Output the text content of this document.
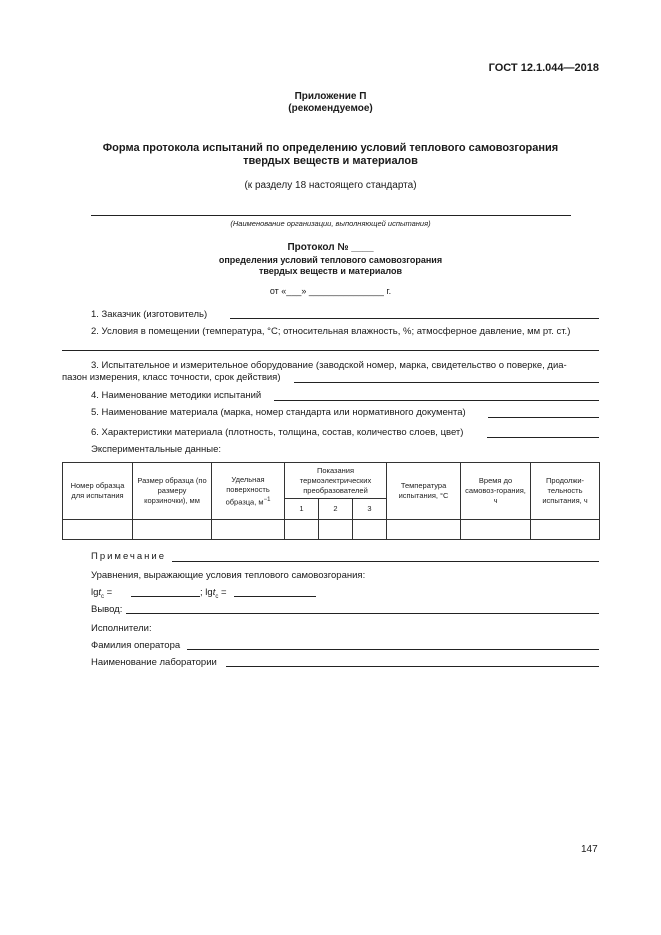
ГОСТ 12.1.044—2018
Приложение П
(рекомендуемое)
Форма протокола испытаний по определению условий теплового самовозгорания
твердых веществ и материалов
(к разделу 18 настоящего стандарта)
(Наименование организации, выполняющей испытания)
Протокол № ____
определения условий теплового самовозгорания
твердых веществ и материалов
от «___» _______________ г.
1. Заказчик (изготовитель)
2. Условия в помещении (температура, °С; относительная влажность, %; атмосферное давление, мм рт. ст.)
3. Испытательное и измерительное оборудование (заводской номер, марка, свидетельство о поверке, диа-
пазон измерения, класс точности, срок действия)
4. Наименование методики испытаний
5. Наименование материала (марка, номер стандарта или нормативного документа)
6. Характеристики материала (плотность, толщина, состав, количество слоев, цвет)
Экспериментальные данные:
Номер образца для испытания	Размер образца (по размеру корзиночки), мм	Удельная поверхность образца, $м^{-1}$	Показания термоэлектрических преобразователей			Температура испытания, °С	Время до самовоз-горания, ч	Продолжи-тельность испытания, ч
			1	2	3			

Примечание
Уравнения, выражающие условия теплового самовозгорания:
lgt$_c$ =	; lgt$_c$ =
Вывод:
Исполнители:
Фамилия оператора
Наименование лаборатории
147
